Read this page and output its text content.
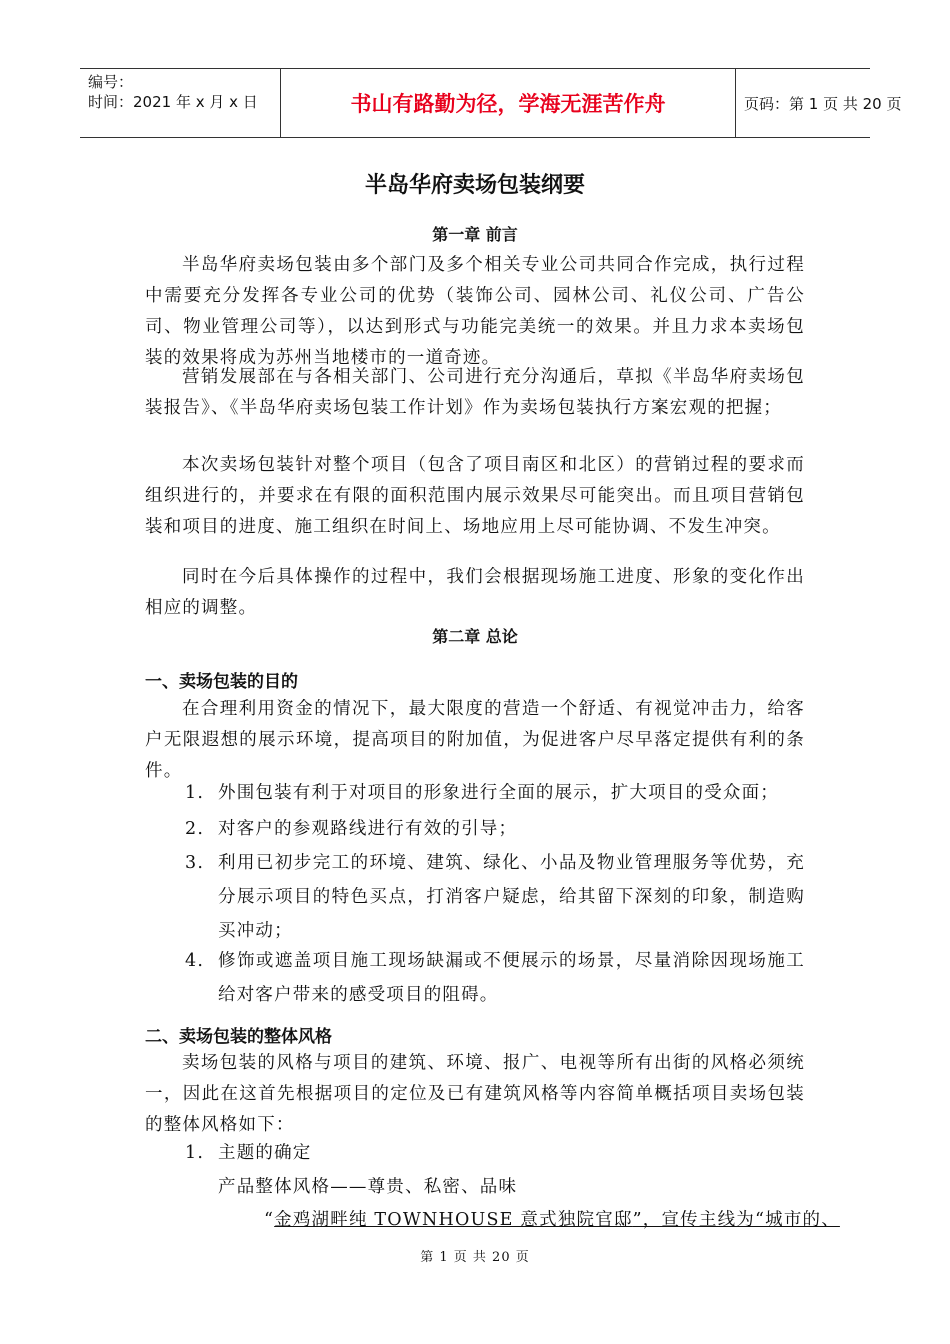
编号：
时间：2021 年 x 月 x 日	书山有路勤为径，学海无涯苦作舟	页码：第 1 页 共 20 页
半岛华府卖场包装纲要
第一章 前言

半岛华府卖场包装由多个部门及多个相关专业公司共同合作完成，执行过程中需要充分发挥各专业公司的优势（装饰公司、园林公司、礼仪公司、广告公司、物业管理公司等），以达到形式与功能完美统一的效果。并且力求本卖场包装的效果将成为苏州当地楼市的一道奇迹。

营销发展部在与各相关部门、公司进行充分沟通后，草拟《半岛华府卖场包装报告》、《半岛华府卖场包装工作计划》作为卖场包装执行方案宏观的把握；

本次卖场包装针对整个项目（包含了项目南区和北区）的营销过程的要求而组织进行的，并要求在有限的面积范围内展示效果尽可能突出。而且项目营销包装和项目的进度、施工组织在时间上、场地应用上尽可能协调、不发生冲突。

同时在今后具体操作的过程中，我们会根据现场施工进度、形象的变化作出相应的调整。

第二章 总论
一、卖场包装的目的

在合理利用资金的情况下，最大限度的营造一个舒适、有视觉冲击力，给客户无限遐想的展示环境，提高项目的附加值，为促进客户尽早落定提供有利的条件。

1. 外围包装有利于对项目的形象进行全面的展示，扩大项目的受众面；
2. 对客户的参观路线进行有效的引导；
3. 利用已初步完工的环境、建筑、绿化、小品及物业管理服务等优势，充分展示项目的特色买点，打消客户疑虑，给其留下深刻的印象，制造购买冲动；
4. 修饰或遮盖项目施工现场缺漏或不便展示的场景，尽量消除因现场施工给对客户带来的感受项目的阻碍。
二、卖场包装的整体风格

卖场包装的风格与项目的建筑、环境、报广、电视等所有出街的风格必须统一，因此在这首先根据项目的定位及已有建筑风格等内容简单概括项目卖场包装的整体风格如下：

1. 主题的确定
产品整体风格——尊贵、私密、品味
“金鸡湖畔纯 TOWNHOUSE 意式独院官邸”，宣传主线为“城市的、
第 1 页 共 20 页
